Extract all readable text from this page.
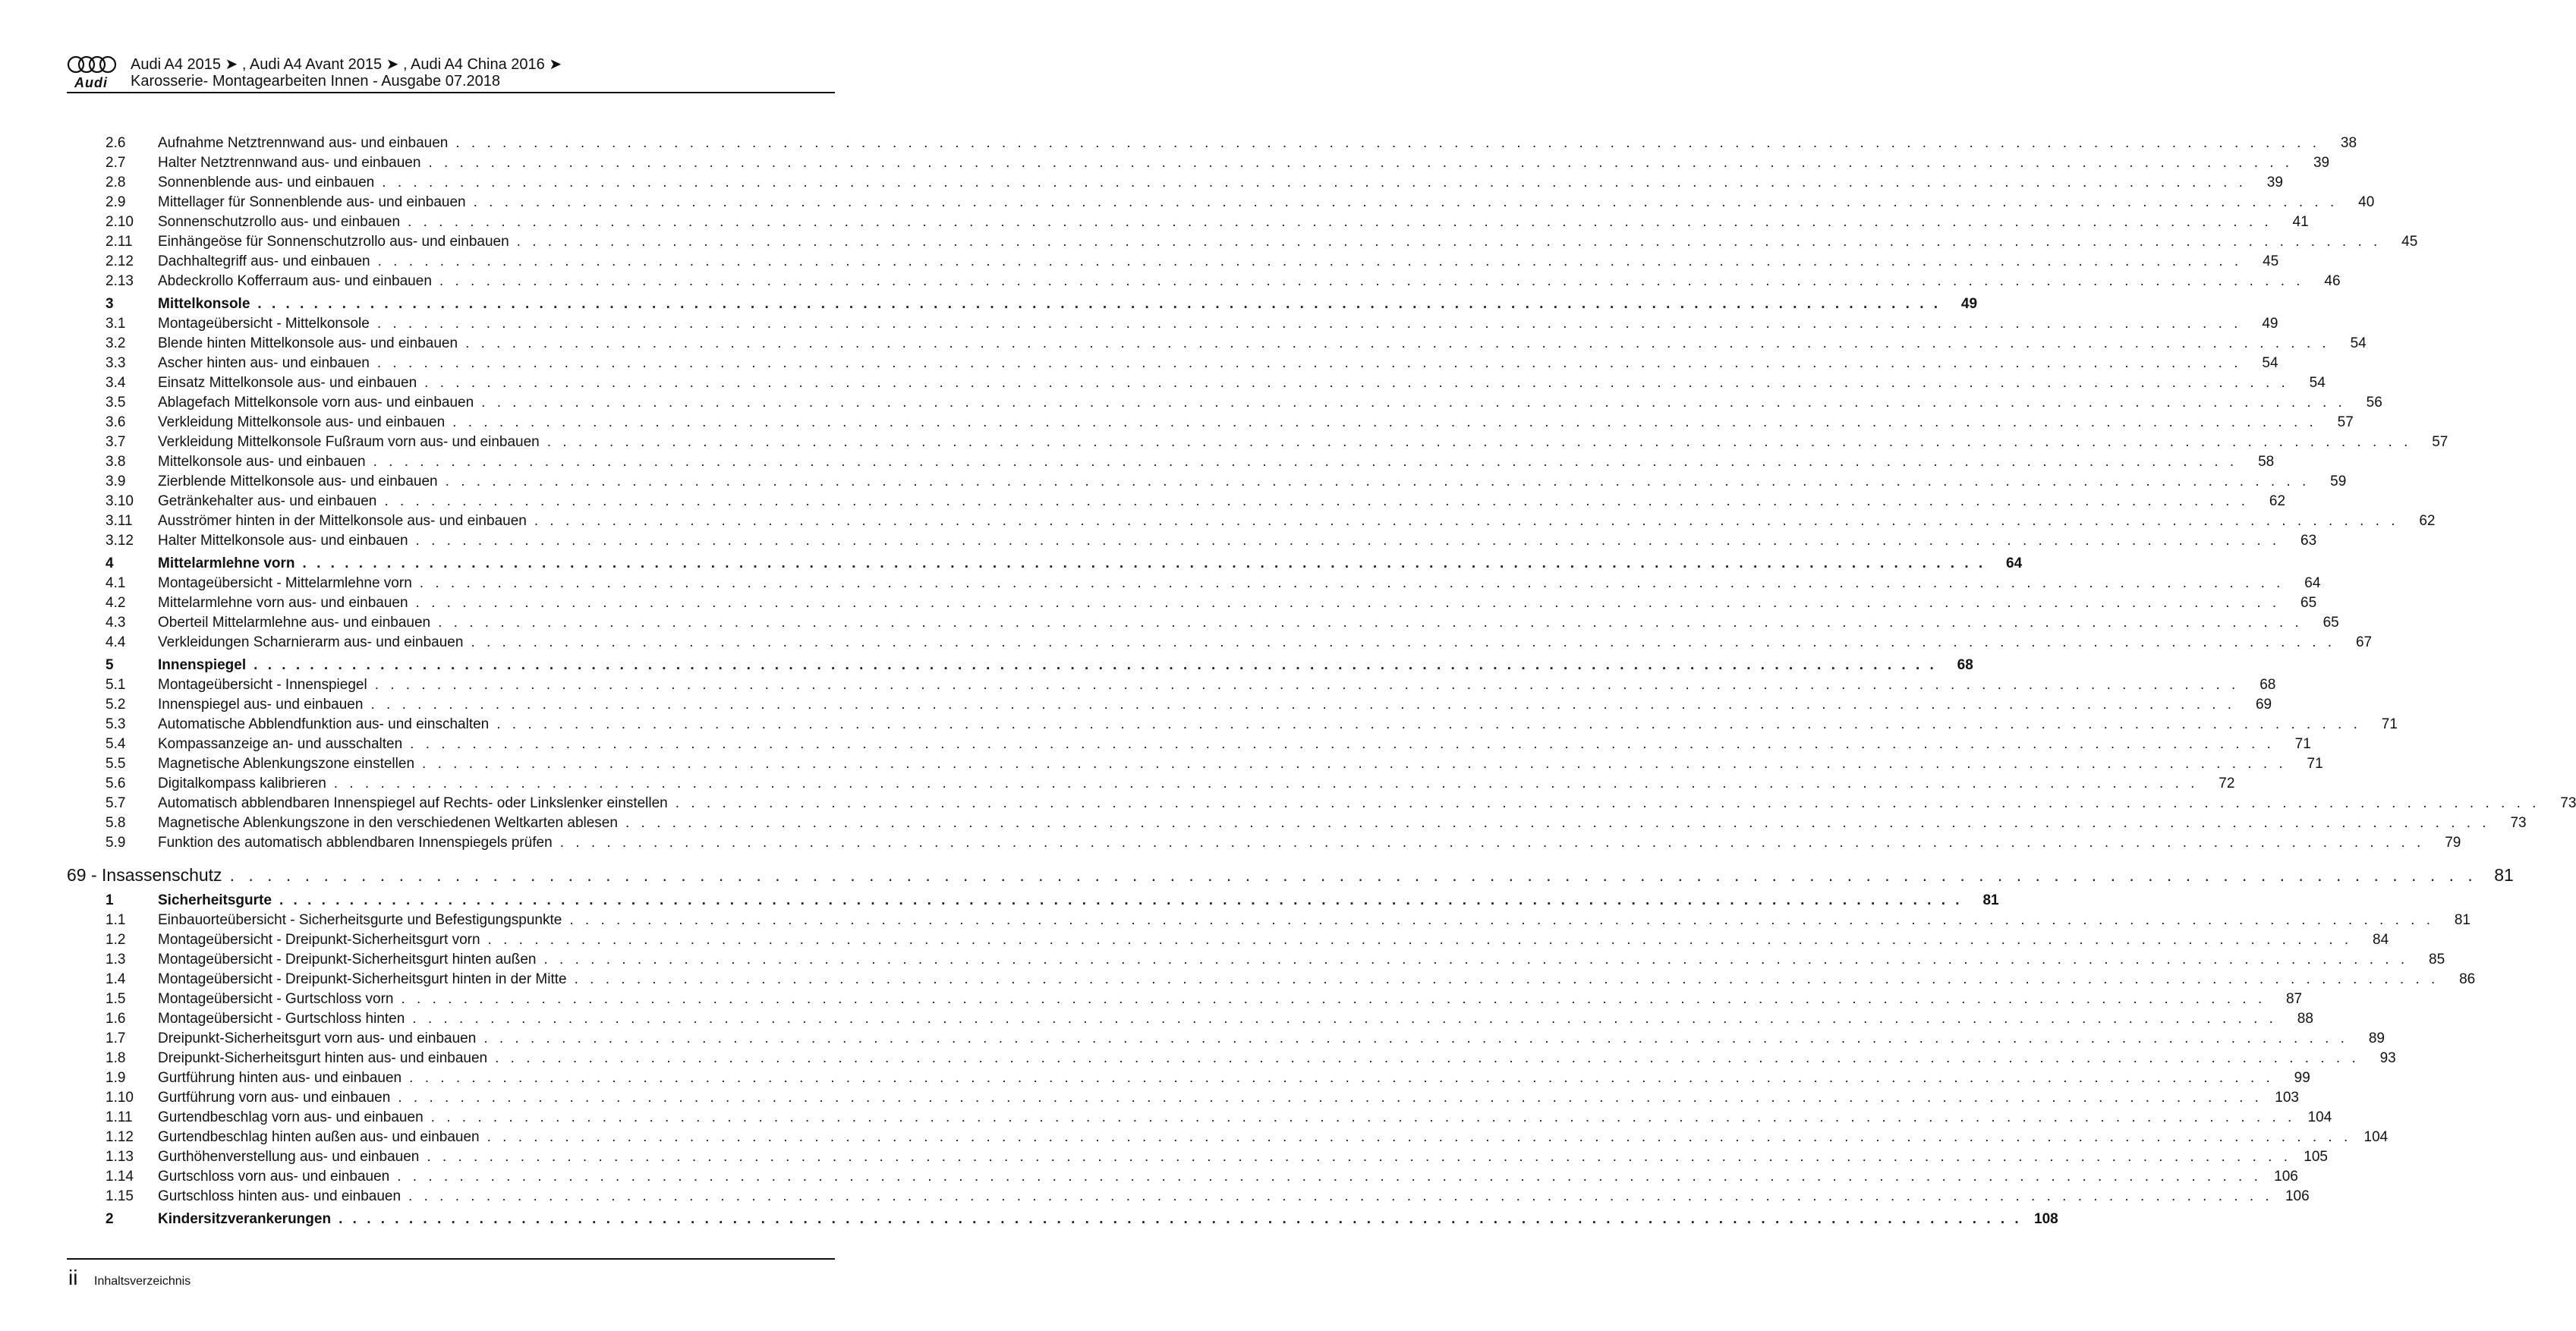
Audi
Audi A4 2015 ➤ , Audi A4 Avant 2015 ➤ , Audi A4 China 2016 ➤
Karosserie- Montagearbeiten Innen - Ausgabe 07.2018
2.6 Aufnahme Netztrennwand aus- und einbauen . . . . . . . . . . . . . . . . . . . . . . . . . . . . . . . . . . . . . . . . . . . . . . . . . . . . . . . . . . . . . . . . . . . . . . . . . . . . . . . . . . . . . . . . . . . . . . . . . . . . . . . . . . . . . . . . . . . . . . . .	38
2.7 Halter Netztrennwand aus- und einbauen . . . . . . . . . . . . . . . . . . . . . . . . . . . . . . . . . . . . . . . . . . . . . . . . . . . . . . . . . . . . . . . . . . . . . . . . . . . . . . . . . . . . . . . . . . . . . . . . . . . . . . . . . . . . . . . . . . . . . . . .	39
2.8 Sonnenblende aus- und einbauen . . . . . . . . . . . . . . . . . . . . . . . . . . . . . . . . . . . . . . . . . . . . . . . . . . . . . . . . . . . . . . . . . . . . . . . . . . . . . . . . . . . . . . . . . . . . . . . . . . . . . . . . . . . . . . . . . . . . . . . .	39
2.9 Mittellager für Sonnenblende aus- und einbauen . . . . . . . . . . . . . . . . . . . . . . . . . . . . . . . . . . . . . . . . . . . . . . . . . . . . . . . . . . . . . . . . . . . . . . . . . . . . . . . . . . . . . . . . . . . . . . . . . . . . . . . . . . . . . . . . . . . . . . . .	40
2.10 Sonnenschutzrollo aus- und einbauen . . . . . . . . . . . . . . . . . . . . . . . . . . . . . . . . . . . . . . . . . . . . . . . . . . . . . . . . . . . . . . . . . . . . . . . . . . . . . . . . . . . . . . . . . . . . . . . . . . . . . . . . . . . . . . . . . . . . . . . .	41
2.11 Einhängeöse für Sonnenschutzrollo aus- und einbauen . . . . . . . . . . . . . . . . . . . . . . . . . . . . . . . . . . . . . . . . . . . . . . . . . . . . . . . . . . . . . . . . . . . . . . . . . . . . . . . . . . . . . . . . . . . . . . . . . . . . . . . . . . . . . . . . . . . . . . . .	45
2.12 Dachhaltegriff aus- und einbauen . . . . . . . . . . . . . . . . . . . . . . . . . . . . . . . . . . . . . . . . . . . . . . . . . . . . . . . . . . . . . . . . . . . . . . . . . . . . . . . . . . . . . . . . . . . . . . . . . . . . . . . . . . . . . . . . . . . . . . . .	45
2.13 Abdeckrollo Kofferraum aus- und einbauen . . . . . . . . . . . . . . . . . . . . . . . . . . . . . . . . . . . . . . . . . . . . . . . . . . . . . . . . . . . . . . . . . . . . . . . . . . . . . . . . . . . . . . . . . . . . . . . . . . . . . . . . . . . . . . . . . . . . . . . .	46
3	Mittelkonsole . . . . . . . . . . . . . . . . . . . . . . . . . . . . . . . . . . . . . . . . . . . . . . . . . . . . . . . . . . . . . . . . . . . . . . . . . . . . . . . . . . . . . . . . . . . . . . . . . . . . . . . . . . . . . . . . . . . . . . . .	49
3.1 Montageübersicht - Mittelkonsole . . . . . . . . . . . . . . . . . . . . . . . . . . . . . . . . . . . . . . . . . . . . . . . . . . . . . . . . . . . . . . . . . . . . . . . . . . . . . . . . . . . . . . . . . . . . . . . . . . . . . . . . . . . . . . . . . . . . . . . .	49
3.2 Blende hinten Mittelkonsole aus- und einbauen . . . . . . . . . . . . . . . . . . . . . . . . . . . . . . . . . . . . . . . . . . . . . . . . . . . . . . . . . . . . . . . . . . . . . . . . . . . . . . . . . . . . . . . . . . . . . . . . . . . . . . . . . . . . . . . . . . . . . . . .	54
3.3 Ascher hinten aus- und einbauen . . . . . . . . . . . . . . . . . . . . . . . . . . . . . . . . . . . . . . . . . . . . . . . . . . . . . . . . . . . . . . . . . . . . . . . . . . . . . . . . . . . . . . . . . . . . . . . . . . . . . . . . . . . . . . . . . . . . . . . .	54
3.4 Einsatz Mittelkonsole aus- und einbauen . . . . . . . . . . . . . . . . . . . . . . . . . . . . . . . . . . . . . . . . . . . . . . . . . . . . . . . . . . . . . . . . . . . . . . . . . . . . . . . . . . . . . . . . . . . . . . . . . . . . . . . . . . . . . . . . . . . . . . . .	54
3.5 Ablagefach Mittelkonsole vorn aus- und einbauen . . . . . . . . . . . . . . . . . . . . . . . . . . . . . . . . . . . . . . . . . . . . . . . . . . . . . . . . . . . . . . . . . . . . . . . . . . . . . . . . . . . . . . . . . . . . . . . . . . . . . . . . . . . . . . . . . . . . . . . .	56
3.6 Verkleidung Mittelkonsole aus- und einbauen . . . . . . . . . . . . . . . . . . . . . . . . . . . . . . . . . . . . . . . . . . . . . . . . . . . . . . . . . . . . . . . . . . . . . . . . . . . . . . . . . . . . . . . . . . . . . . . . . . . . . . . . . . . . . . . . . . . . . . . .	57
3.7 Verkleidung Mittelkonsole Fußraum vorn aus- und einbauen . . . . . . . . . . . . . . . . . . . . . . . . . . . . . . . . . . . . . . . . . . . . . . . . . . . . . . . . . . . . . . . . . . . . . . . . . . . . . . . . . . . . . . . . . . . . . . . . . . . . . . . . . . . . . . . . . . . . . . . .	57
3.8 Mittelkonsole aus- und einbauen . . . . . . . . . . . . . . . . . . . . . . . . . . . . . . . . . . . . . . . . . . . . . . . . . . . . . . . . . . . . . . . . . . . . . . . . . . . . . . . . . . . . . . . . . . . . . . . . . . . . . . . . . . . . . . . . . . . . . . . .	58
3.9 Zierblende Mittelkonsole aus- und einbauen . . . . . . . . . . . . . . . . . . . . . . . . . . . . . . . . . . . . . . . . . . . . . . . . . . . . . . . . . . . . . . . . . . . . . . . . . . . . . . . . . . . . . . . . . . . . . . . . . . . . . . . . . . . . . . . . . . . . . . . .	59
3.10 Getränkehalter aus- und einbauen . . . . . . . . . . . . . . . . . . . . . . . . . . . . . . . . . . . . . . . . . . . . . . . . . . . . . . . . . . . . . . . . . . . . . . . . . . . . . . . . . . . . . . . . . . . . . . . . . . . . . . . . . . . . . . . . . . . . . . . .	62
3.11 Ausströmer hinten in der Mittelkonsole aus- und einbauen . . . . . . . . . . . . . . . . . . . . . . . . . . . . . . . . . . . . . . . . . . . . . . . . . . . . . . . . . . . . . . . . . . . . . . . . . . . . . . . . . . . . . . . . . . . . . . . . . . . . . . . . . . . . . . . . . . . . . . . .	62
3.12 Halter Mittelkonsole aus- und einbauen . . . . . . . . . . . . . . . . . . . . . . . . . . . . . . . . . . . . . . . . . . . . . . . . . . . . . . . . . . . . . . . . . . . . . . . . . . . . . . . . . . . . . . . . . . . . . . . . . . . . . . . . . . . . . . . . . . . . . . . .	63
4	Mittelarmlehne vorn . . . . . . . . . . . . . . . . . . . . . . . . . . . . . . . . . . . . . . . . . . . . . . . . . . . . . . . . . . . . . . . . . . . . . . . . . . . . . . . . . . . . . . . . . . . . . . . . . . . . . . . . . . . . . . . . . . . . . . . .	64
4.1 Montageübersicht - Mittelarmlehne vorn . . . . . . . . . . . . . . . . . . . . . . . . . . . . . . . . . . . . . . . . . . . . . . . . . . . . . . . . . . . . . . . . . . . . . . . . . . . . . . . . . . . . . . . . . . . . . . . . . . . . . . . . . . . . . . . . . . . . . . . .	64
4.2 Mittelarmlehne vorn aus- und einbauen . . . . . . . . . . . . . . . . . . . . . . . . . . . . . . . . . . . . . . . . . . . . . . . . . . . . . . . . . . . . . . . . . . . . . . . . . . . . . . . . . . . . . . . . . . . . . . . . . . . . . . . . . . . . . . . . . . . . . . . .	65
4.3 Oberteil Mittelarmlehne aus- und einbauen . . . . . . . . . . . . . . . . . . . . . . . . . . . . . . . . . . . . . . . . . . . . . . . . . . . . . . . . . . . . . . . . . . . . . . . . . . . . . . . . . . . . . . . . . . . . . . . . . . . . . . . . . . . . . . . . . . . . . . . .	65
4.4 Verkleidungen Scharnierarm aus- und einbauen . . . . . . . . . . . . . . . . . . . . . . . . . . . . . . . . . . . . . . . . . . . . . . . . . . . . . . . . . . . . . . . . . . . . . . . . . . . . . . . . . . . . . . . . . . . . . . . . . . . . . . . . . . . . . . . . . . . . . . . .	67
5	Innenspiegel . . . . . . . . . . . . . . . . . . . . . . . . . . . . . . . . . . . . . . . . . . . . . . . . . . . . . . . . . . . . . . . . . . . . . . . . . . . . . . . . . . . . . . . . . . . . . . . . . . . . . . . . . . . . . . . . . . . . . . . .	68
5.1 Montageübersicht - Innenspiegel . . . . . . . . . . . . . . . . . . . . . . . . . . . . . . . . . . . . . . . . . . . . . . . . . . . . . . . . . . . . . . . . . . . . . . . . . . . . . . . . . . . . . . . . . . . . . . . . . . . . . . . . . . . . . . . . . . . . . . . .	68
5.2 Innenspiegel aus- und einbauen . . . . . . . . . . . . . . . . . . . . . . . . . . . . . . . . . . . . . . . . . . . . . . . . . . . . . . . . . . . . . . . . . . . . . . . . . . . . . . . . . . . . . . . . . . . . . . . . . . . . . . . . . . . . . . . . . . . . . . . .	69
5.3 Automatische Abblendfunktion aus- und einschalten . . . . . . . . . . . . . . . . . . . . . . . . . . . . . . . . . . . . . . . . . . . . . . . . . . . . . . . . . . . . . . . . . . . . . . . . . . . . . . . . . . . . . . . . . . . . . . . . . . . . . . . . . . . . . . . . . . . . . . . .	71
5.4 Kompassanzeige an- und ausschalten . . . . . . . . . . . . . . . . . . . . . . . . . . . . . . . . . . . . . . . . . . . . . . . . . . . . . . . . . . . . . . . . . . . . . . . . . . . . . . . . . . . . . . . . . . . . . . . . . . . . . . . . . . . . . . . . . . . . . . . .	71
5.5 Magnetische Ablenkungszone einstellen . . . . . . . . . . . . . . . . . . . . . . . . . . . . . . . . . . . . . . . . . . . . . . . . . . . . . . . . . . . . . . . . . . . . . . . . . . . . . . . . . . . . . . . . . . . . . . . . . . . . . . . . . . . . . . . . . . . . . . . .	71
5.6 Digitalkompass kalibrieren . . . . . . . . . . . . . . . . . . . . . . . . . . . . . . . . . . . . . . . . . . . . . . . . . . . . . . . . . . . . . . . . . . . . . . . . . . . . . . . . . . . . . . . . . . . . . . . . . . . . . . . . . . . . . . . . . . . . . . . .	72
5.7 Automatisch abblendbaren Innenspiegel auf Rechts- oder Linkslenker einstellen . . . . . . . . . . . . . . . . . . . . . . . . . . . . . . . . . . . . . . . . . . . . . . . . . . . . . . . . . . . . . . . . . . . . . . . . . . . . . . . . . . . . . . . . . . . . . . . . . . . . . . . . . . . . . . . . . . . . . . . .	73
5.8 Magnetische Ablenkungszone in den verschiedenen Weltkarten ablesen . . . . . . . . . . . . . . . . . . . . . . . . . . . . . . . . . . . . . . . . . . . . . . . . . . . . . . . . . . . . . . . . . . . . . . . . . . . . . . . . . . . . . . . . . . . . . . . . . . . . . . . . . . . . . . . . . . . . . . . .	73
5.9 Funktion des automatisch abblendbaren Innenspiegels prüfen . . . . . . . . . . . . . . . . . . . . . . . . . . . . . . . . . . . . . . . . . . . . . . . . . . . . . . . . . . . . . . . . . . . . . . . . . . . . . . . . . . . . . . . . . . . . . . . . . . . . . . . . . . . . . . . . . . . . . . . .	79
69 - Insassenschutz . . . . . . . . . . . . . . . . . . . . . . . . . . . . . . . . . . . . . . . . . . . . . . . . . . . . . . . . . . . . . . . . . . . . . . . . . . . . . . . . . . . . . . . . . . . . . . . . . . . . . . . . . . . . . . . . . . . . . . . . 81
1	Sicherheitsgurte . . . . . . . . . . . . . . . . . . . . . . . . . . . . . . . . . . . . . . . . . . . . . . . . . . . . . . . . . . . . . . . . . . . . . . . . . . . . . . . . . . . . . . . . . . . . . . . . . . . . . . . . . . . . . . . . . . . . . . . .	81
1.1 Einbauorteübersicht - Sicherheitsgurte und Befestigungspunkte . . . . . . . . . . . . . . . . . . . . . . . . . . . . . . . . . . . . . . . . . . . . . . . . . . . . . . . . . . . . . . . . . . . . . . . . . . . . . . . . . . . . . . . . . . . . . . . . . . . . . . . . . . . . . . . . . . . . . . . .	81
1.2 Montageübersicht - Dreipunkt-Sicherheitsgurt vorn . . . . . . . . . . . . . . . . . . . . . . . . . . . . . . . . . . . . . . . . . . . . . . . . . . . . . . . . . . . . . . . . . . . . . . . . . . . . . . . . . . . . . . . . . . . . . . . . . . . . . . . . . . . . . . . . . . . . . . . .	84
1.3 Montageübersicht - Dreipunkt-Sicherheitsgurt hinten außen . . . . . . . . . . . . . . . . . . . . . . . . . . . . . . . . . . . . . . . . . . . . . . . . . . . . . . . . . . . . . . . . . . . . . . . . . . . . . . . . . . . . . . . . . . . . . . . . . . . . . . . . . . . . . . . . . . . . . . . .	85
1.4 Montageübersicht - Dreipunkt-Sicherheitsgurt hinten in der Mitte . . . . . . . . . . . . . . . . . . . . . . . . . . . . . . . . . . . . . . . . . . . . . . . . . . . . . . . . . . . . . . . . . . . . . . . . . . . . . . . . . . . . . . . . . . . . . . . . . . . . . . . . . . . . . . . . . . . . . . . .	86
1.5 Montageübersicht - Gurtschloss vorn . . . . . . . . . . . . . . . . . . . . . . . . . . . . . . . . . . . . . . . . . . . . . . . . . . . . . . . . . . . . . . . . . . . . . . . . . . . . . . . . . . . . . . . . . . . . . . . . . . . . . . . . . . . . . . . . . . . . . . . .	87
1.6 Montageübersicht - Gurtschloss hinten . . . . . . . . . . . . . . . . . . . . . . . . . . . . . . . . . . . . . . . . . . . . . . . . . . . . . . . . . . . . . . . . . . . . . . . . . . . . . . . . . . . . . . . . . . . . . . . . . . . . . . . . . . . . . . . . . . . . . . . .	88
1.7 Dreipunkt-Sicherheitsgurt vorn aus- und einbauen . . . . . . . . . . . . . . . . . . . . . . . . . . . . . . . . . . . . . . . . . . . . . . . . . . . . . . . . . . . . . . . . . . . . . . . . . . . . . . . . . . . . . . . . . . . . . . . . . . . . . . . . . . . . . . . . . . . . . . . .	89
1.8 Dreipunkt-Sicherheitsgurt hinten aus- und einbauen . . . . . . . . . . . . . . . . . . . . . . . . . . . . . . . . . . . . . . . . . . . . . . . . . . . . . . . . . . . . . . . . . . . . . . . . . . . . . . . . . . . . . . . . . . . . . . . . . . . . . . . . . . . . . . . . . . . . . . . .	93
1.9 Gurtführung hinten aus- und einbauen . . . . . . . . . . . . . . . . . . . . . . . . . . . . . . . . . . . . . . . . . . . . . . . . . . . . . . . . . . . . . . . . . . . . . . . . . . . . . . . . . . . . . . . . . . . . . . . . . . . . . . . . . . . . . . . . . . . . . . . .	99
1.10 Gurtführung vorn aus- und einbauen . . . . . . . . . . . . . . . . . . . . . . . . . . . . . . . . . . . . . . . . . . . . . . . . . . . . . . . . . . . . . . . . . . . . . . . . . . . . . . . . . . . . . . . . . . . . . . . . . . . . . . . . . . . . . . . . . . . . . . . . 103
1.11 Gurtendbeschlag vorn aus- und einbauen . . . . . . . . . . . . . . . . . . . . . . . . . . . . . . . . . . . . . . . . . . . . . . . . . . . . . . . . . . . . . . . . . . . . . . . . . . . . . . . . . . . . . . . . . . . . . . . . . . . . . . . . . . . . . . . . . . . . . . . . 104
1.12 Gurtendbeschlag hinten außen aus- und einbauen . . . . . . . . . . . . . . . . . . . . . . . . . . . . . . . . . . . . . . . . . . . . . . . . . . . . . . . . . . . . . . . . . . . . . . . . . . . . . . . . . . . . . . . . . . . . . . . . . . . . . . . . . . . . . . . . . . . . . . . . 104
1.13 Gurthöhenverstellung aus- und einbauen . . . . . . . . . . . . . . . . . . . . . . . . . . . . . . . . . . . . . . . . . . . . . . . . . . . . . . . . . . . . . . . . . . . . . . . . . . . . . . . . . . . . . . . . . . . . . . . . . . . . . . . . . . . . . . . . . . . . . . . . 105
1.14 Gurtschloss vorn aus- und einbauen . . . . . . . . . . . . . . . . . . . . . . . . . . . . . . . . . . . . . . . . . . . . . . . . . . . . . . . . . . . . . . . . . . . . . . . . . . . . . . . . . . . . . . . . . . . . . . . . . . . . . . . . . . . . . . . . . . . . . . . . 106
1.15 Gurtschloss hinten aus- und einbauen . . . . . . . . . . . . . . . . . . . . . . . . . . . . . . . . . . . . . . . . . . . . . . . . . . . . . . . . . . . . . . . . . . . . . . . . . . . . . . . . . . . . . . . . . . . . . . . . . . . . . . . . . . . . . . . . . . . . . . . . 106
2	Kindersitzverankerungen . . . . . . . . . . . . . . . . . . . . . . . . . . . . . . . . . . . . . . . . . . . . . . . . . . . . . . . . . . . . . . . . . . . . . . . . . . . . . . . . . . . . . . . . . . . . . . . . . . . . . . . . . . . . . . . . . . . . . . . . 108
ii Inhaltsverzeichnis
